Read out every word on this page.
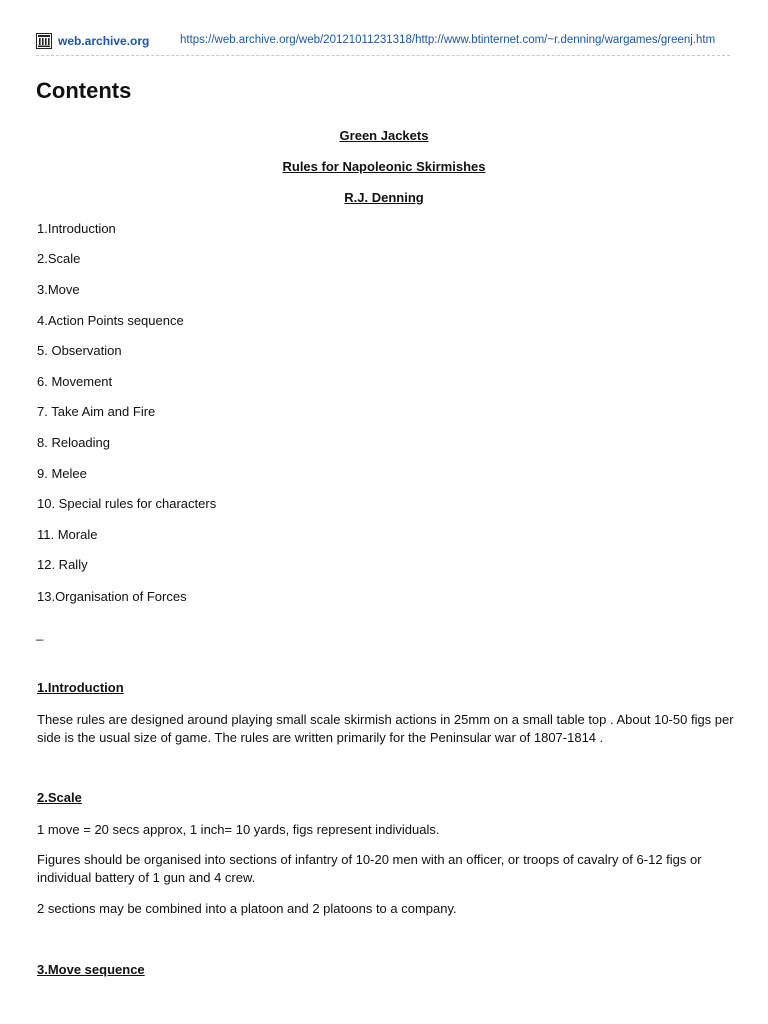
web.archive.org	https://web.archive.org/web/20121011231318/http://www.btinternet.com/~r.denning/wargames/greenj.htm
Contents

Green Jackets

Rules for Napoleonic Skirmishes

R.J. Denning

1.Introduction

2.Scale

3.Move

4.Action Points sequence

5. Observation

6. Movement

7. Take Aim and Fire

8. Reloading

9. Melee

10. Special rules for characters

11. Morale

12. Rally

13.Organisation of Forces

_

1.Introduction

These rules are designed around playing small scale skirmish actions in 25mm on a small table top . About 10-50 figs per side is the usual size of game. The rules are written primarily for the Peninsular war of 1807-1814 .

2.Scale

1 move = 20 secs approx, 1 inch= 10 yards, figs represent individuals.

Figures should be organised into sections of infantry of 10-20 men with an officer, or troops of cavalry of 6-12 figs or individual battery of 1 gun and 4 crew.

2 sections may be combined into a platoon and 2 platoons to a company.

3.Move sequence
